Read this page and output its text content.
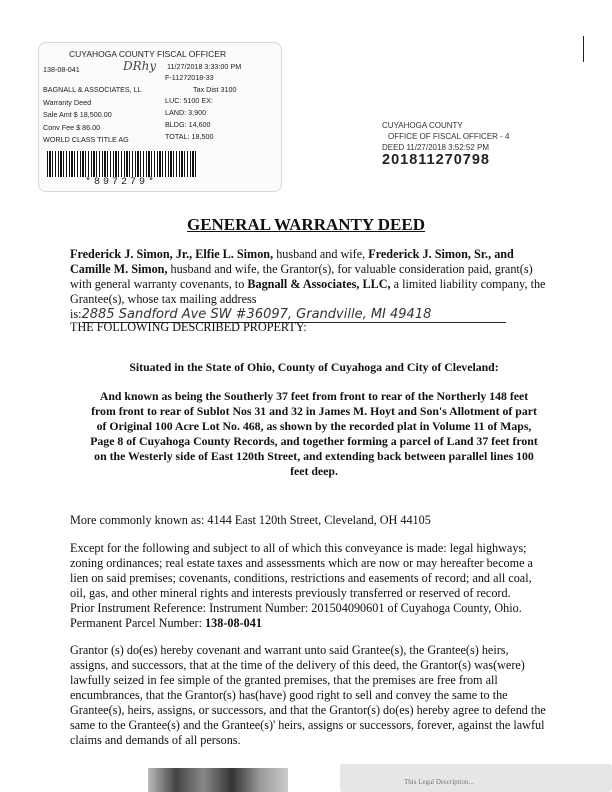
CUYAHOGA COUNTY FISCAL OFFICER
138-08-041	DRhy 11/27/2018 3:33:00 PM
F-11272018-33
BAGNALL & ASSOCIATES, LL	Tax Dist 3100
Warranty Deed	LUC: 5100 EX:
Sale Amt $ 18,500.00	LAND: 3,900
Conv Fee $ 86.00	BLDG: 14,600
WORLD CLASS TITLE AG	TOTAL: 18,500
*897279*
CUYAHOGA COUNTY
OFFICE OF FISCAL OFFICER - 4
DEED 11/27/2018 3:52:52 PM
201811270798
GENERAL WARRANTY DEED
Frederick J. Simon, Jr., Elfie L. Simon, husband and wife, Frederick J. Simon, Sr., and Camille M. Simon, husband and wife, the Grantor(s), for valuable consideration paid, grant(s) with general warranty covenants, to Bagnall & Associates, LLC, a limited liability company, the Grantee(s), whose tax mailing address
is:2885 Sandford Ave SW #36097, Grandville, MI 49418
THE FOLLOWING DESCRIBED PROPERTY:
Situated in the State of Ohio, County of Cuyahoga and City of Cleveland:
And known as being the Southerly 37 feet from front to rear of the Northerly 148 feet from front to rear of Sublot Nos 31 and 32 in James M. Hoyt and Son's Allotment of part of Original 100 Acre Lot No. 468, as shown by the recorded plat in Volume 11 of Maps, Page 8 of Cuyahoga County Records, and together forming a parcel of Land 37 feet front on the Westerly side of East 120th Street, and extending back between parallel lines 100 feet deep.
More commonly known as: 4144 East 120th Street, Cleveland, OH 44105
Except for the following and subject to all of which this conveyance is made: legal highways; zoning ordinances; real estate taxes and assessments which are now or may hereafter become a lien on said premises; covenants, conditions, restrictions and easements of record; and all coal, oil, gas, and other mineral rights and interests previously transferred or reserved of record.
Prior Instrument Reference: Instrument Number: 201504090601 of Cuyahoga County, Ohio.
Permanent Parcel Number: 138-08-041
Grantor (s) do(es) hereby covenant and warrant unto said Grantee(s), the Grantee(s) heirs, assigns, and successors, that at the time of the delivery of this deed, the Grantor(s) was(were) lawfully seized in fee simple of the granted premises, that the premises are free from all encumbrances, that the Grantor(s) has(have) good right to sell and convey the same to the Grantee(s), heirs, assigns, or successors, and that the Grantor(s) do(es) hereby agree to defend the same to the Grantee(s) and the Grantee(s)' heirs, assigns or successors, forever, against the lawful claims and demands of all persons.
This Legal Description...
